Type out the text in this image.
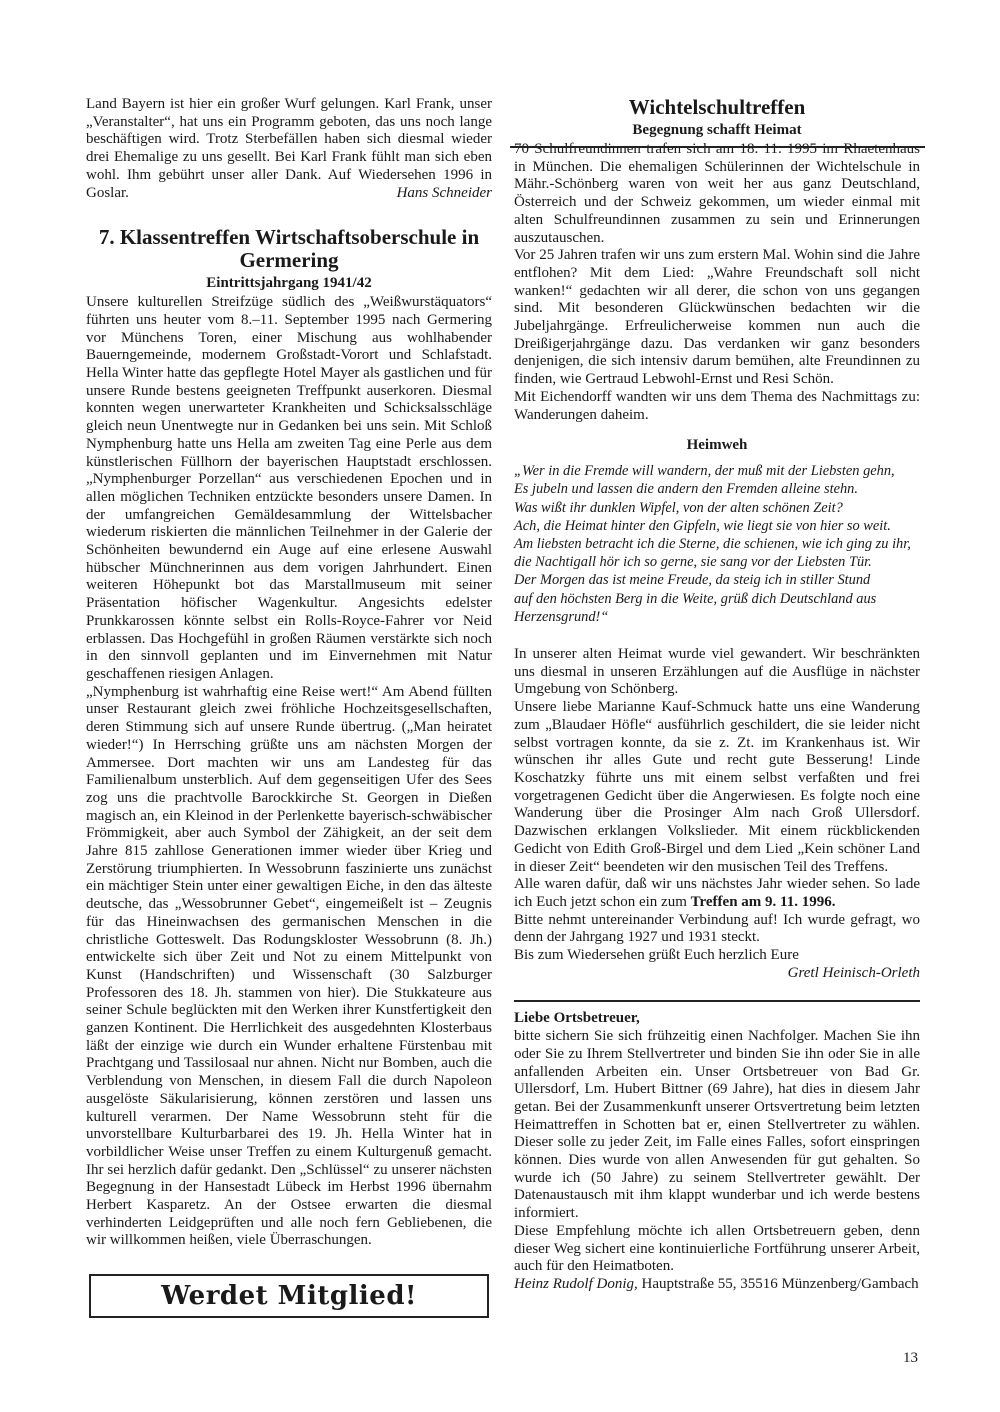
Land Bayern ist hier ein großer Wurf gelungen. Karl Frank, unser „Veranstalter“, hat uns ein Programm geboten, das uns noch lange beschäftigen wird. Trotz Sterbefällen haben sich diesmal wieder drei Ehemalige zu uns gesellt. Bei Karl Frank fühlt man sich eben wohl. Ihm gebührt unser aller Dank. Auf Wiedersehen 1996 in Goslar.	Hans Schneider

7. Klassentreffen Wirtschaftsoberschule in Germering
Eintrittsjahrgang 1941/42

Unsere kulturellen Streifzüge südlich des „Weißwurstäquators“ führten uns heuter vom 8.–11. September 1995 nach Germering vor Münchens Toren, einer Mischung aus wohlhabender Bauerngemeinde, modernem Großstadt-Vorort und Schlafstadt. Hella Winter hatte das gepflegte Hotel Mayer als gastlichen und für unsere Runde bestens geeigneten Treffpunkt auserkoren. Diesmal konnten wegen unerwarteter Krankheiten und Schicksalsschläge gleich neun Unentwegte nur in Gedanken bei uns sein. Mit Schloß Nymphenburg hatte uns Hella am zweiten Tag eine Perle aus dem künstlerischen Füllhorn der bayerischen Hauptstadt erschlossen. „Nymphenburger Porzellan“ aus verschiedenen Epochen und in allen möglichen Techniken entzückte besonders unsere Damen. In der umfangreichen Gemäldesammlung der Wittelsbacher wiederum riskierten die männlichen Teilnehmer in der Galerie der Schönheiten bewundernd ein Auge auf eine erlesene Auswahl hübscher Münchnerinnen aus dem vorigen Jahrhundert. Einen weiteren Höhepunkt bot das Marstallmuseum mit seiner Präsentation höfischer Wagenkultur. Angesichts edelster Prunkkarossen könnte selbst ein Rolls-Royce-Fahrer vor Neid erblassen. Das Hochgefühl in großen Räumen verstärkte sich noch in den sinnvoll geplanten und im Einvernehmen mit Natur geschaffenen riesigen Anlagen.

„Nymphenburg ist wahrhaftig eine Reise wert!“ Am Abend füllten unser Restaurant gleich zwei fröhliche Hochzeitsgesellschaften, deren Stimmung sich auf unsere Runde übertrug. („Man heiratet wieder!“) In Herrsching grüßte uns am nächsten Morgen der Ammersee. Dort machten wir uns am Landesteg für das Familienalbum unsterblich. Auf dem gegenseitigen Ufer des Sees zog uns die prachtvolle Barockkirche St. Georgen in Dießen magisch an, ein Kleinod in der Perlenkette bayerisch-schwäbischer Frömmigkeit, aber auch Symbol der Zähigkeit, an der seit dem Jahre 815 zahllose Generationen immer wieder über Krieg und Zerstörung triumphierten. In Wessobrunn faszinierte uns zunächst ein mächtiger Stein unter einer gewaltigen Eiche, in den das älteste deutsche, das „Wessobrunner Gebet“, eingemeißelt ist – Zeugnis für das Hineinwachsen des germanischen Menschen in die christliche Gotteswelt. Das Rodungskloster Wessobrunn (8. Jh.) entwickelte sich über Zeit und Not zu einem Mittelpunkt von Kunst (Handschriften) und Wissenschaft (30 Salzburger Professoren des 18. Jh. stammen von hier). Die Stukkateure aus seiner Schule beglückten mit den Werken ihrer Kunstfertigkeit den ganzen Kontinent. Die Herrlichkeit des ausgedehnten Klosterbaus läßt der einzige wie durch ein Wunder erhaltene Fürstenbau mit Prachtgang und Tassilosaal nur ahnen. Nicht nur Bomben, auch die Verblendung von Menschen, in diesem Fall die durch Napoleon ausgelöste Säkularisierung, können zerstören und lassen uns kulturell verarmen. Der Name Wessobrunn steht für die unvorstellbare Kulturbarbarei des 19. Jh. Hella Winter hat in vorbildlicher Weise unser Treffen zu einem Kulturgenuß gemacht. Ihr sei herzlich dafür gedankt. Den „Schlüssel“ zu unserer nächsten Begegnung in der Hansestadt Lübeck im Herbst 1996 übernahm Herbert Kasparetz. An der Ostsee erwarten die diesmal verhinderten Leidgeprüften und alle noch fern Gebliebenen, die wir willkommen heißen, viele Überraschungen.

Werdet Mitglied!
Wichtelschultreffen
Begegnung schafft Heimat

70 Schulfreundinnen trafen sich am 18. 11. 1995 im Rhaetenhaus in München. Die ehemaligen Schülerinnen der Wichtelschule in Mähr.-Schönberg waren von weit her aus ganz Deutschland, Österreich und der Schweiz gekommen, um wieder einmal mit alten Schulfreundinnen zusammen zu sein und Erinnerungen auszutauschen.

Vor 25 Jahren trafen wir uns zum erstern Mal. Wohin sind die Jahre entflohen? Mit dem Lied: „Wahre Freundschaft soll nicht wanken!“ gedachten wir all derer, die schon von uns gegangen sind. Mit besonderen Glückwünschen bedachten wir die Jubeljahrgänge. Erfreulicherweise kommen nun auch die Dreißigerjahrgänge dazu. Das verdanken wir ganz besonders denjenigen, die sich intensiv darum bemühen, alte Freundinnen zu finden, wie Gertraud Lebwohl-Ernst und Resi Schön.

Mit Eichendorff wandten wir uns dem Thema des Nachmittags zu: Wanderungen daheim.

Heimweh

„Wer in die Fremde will wandern, der muß mit der Liebsten gehn,

Es jubeln und lassen die andern den Fremden alleine stehn.

Was wißt ihr dunklen Wipfel, von der alten schönen Zeit?

Ach, die Heimat hinter den Gipfeln, wie liegt sie von hier so weit.

Am liebsten betracht ich die Sterne, die schienen, wie ich ging zu ihr,

die Nachtigall hör ich so gerne, sie sang vor der Liebsten Tür.

Der Morgen das ist meine Freude, da steig ich in stiller Stund

auf den höchsten Berg in die Weite, grüß dich Deutschland aus Herzensgrund!“

In unserer alten Heimat wurde viel gewandert. Wir beschränkten uns diesmal in unseren Erzählungen auf die Ausflüge in nächster Umgebung von Schönberg.

Unsere liebe Marianne Kauf-Schmuck hatte uns eine Wanderung zum „Blaudaer Höfle“ ausführlich geschildert, die sie leider nicht selbst vortragen konnte, da sie z. Zt. im Krankenhaus ist. Wir wünschen ihr alles Gute und recht gute Besserung! Linde Koschatzky führte uns mit einem selbst verfaßten und frei vorgetragenen Gedicht über die Angerwiesen. Es folgte noch eine Wanderung über die Prosinger Alm nach Groß Ullersdorf. Dazwischen erklangen Volkslieder. Mit einem rückblickenden Gedicht von Edith Groß-Birgel und dem Lied „Kein schöner Land in dieser Zeit“ beendeten wir den musischen Teil des Treffens.

Alle waren dafür, daß wir uns nächstes Jahr wieder sehen. So lade ich Euch jetzt schon ein zum Treffen am 9. 11. 1996.

Bitte nehmt untereinander Verbindung auf! Ich wurde gefragt, wo denn der Jahrgang 1927 und 1931 steckt.

Bis zum Wiedersehen grüßt Euch herzlich Eure

Gretl Heinisch-Orleth

Liebe Ortsbetreuer,

bitte sichern Sie sich frühzeitig einen Nachfolger. Machen Sie ihn oder Sie zu Ihrem Stellvertreter und binden Sie ihn oder Sie in alle anfallenden Arbeiten ein. Unser Ortsbetreuer von Bad Gr. Ullersdorf, Lm. Hubert Bittner (69 Jahre), hat dies in diesem Jahr getan. Bei der Zusammenkunft unserer Ortsvertretung beim letzten Heimattreffen in Schotten bat er, einen Stellvertreter zu wählen. Dieser solle zu jeder Zeit, im Falle eines Falles, sofort einspringen können. Dies wurde von allen Anwesenden für gut gehalten. So wurde ich (50 Jahre) zu seinem Stellvertreter gewählt. Der Datenaustausch mit ihm klappt wunderbar und ich werde bestens informiert.

Diese Empfehlung möchte ich allen Ortsbetreuern geben, denn dieser Weg sichert eine kontinuierliche Fortführung unserer Arbeit, auch für den Heimatboten.

Heinz Rudolf Donig, Hauptstraße 55, 35516 Münzenberg/Gambach

13
